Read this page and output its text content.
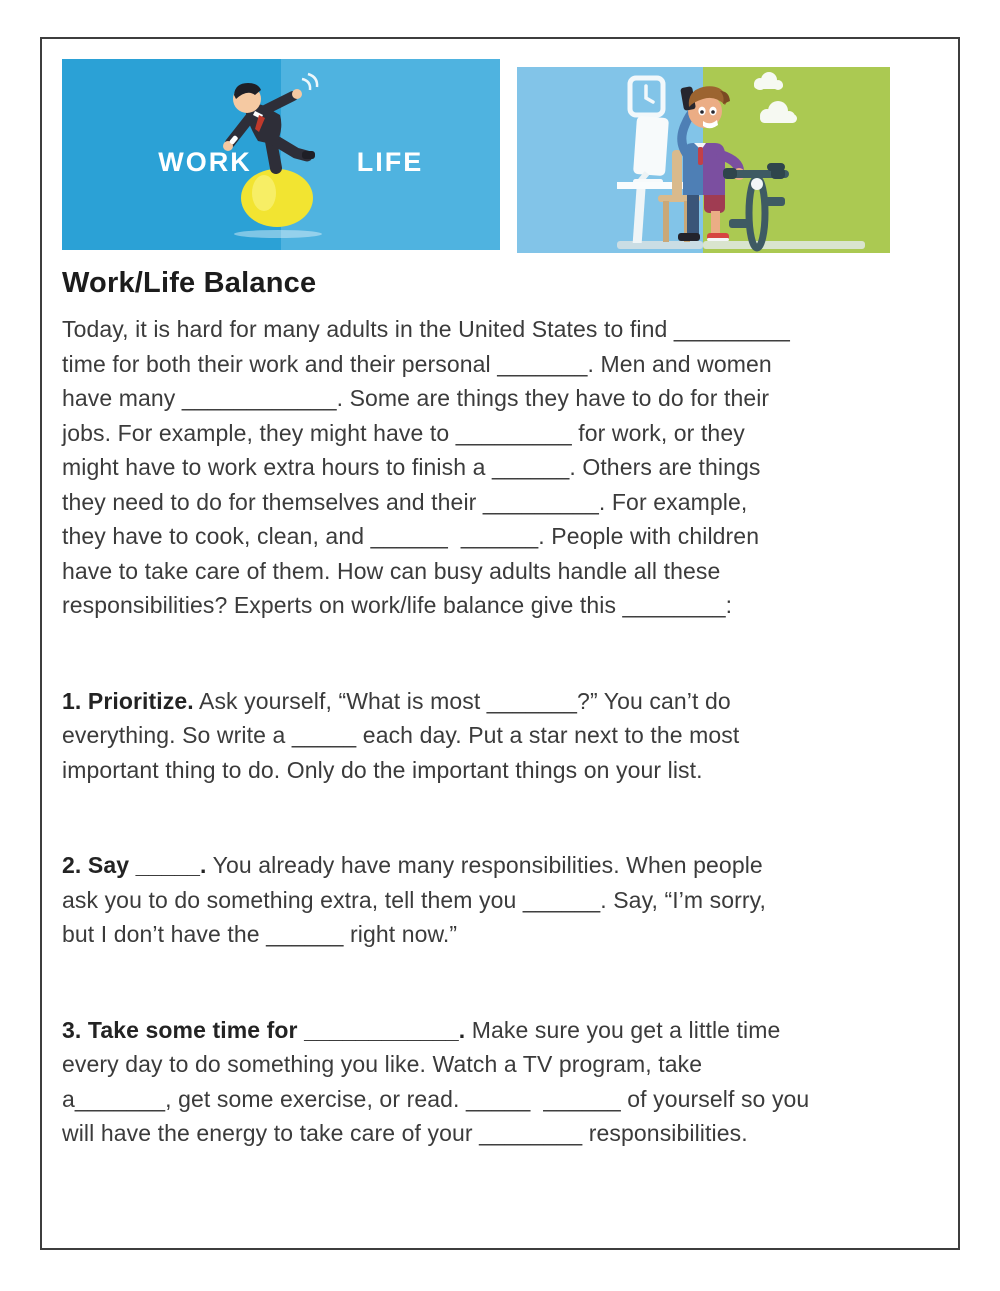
WORK	LIFE
Work/Life Balance
Today, it is hard for many adults in the United States to find _________
time for both their work and their personal _______. Men and women
have many ____________. Some are things they have to do for their
jobs. For example, they might have to _________ for work, or they
might have to work extra hours to finish a ______. Others are things
they need to do for themselves and their _________. For example,
they have to cook, clean, and ______  ______. People with children
have to take care of them. How can busy adults handle all these
responsibilities? Experts on work/life balance give this ________:
1. Prioritize. Ask yourself, “What is most _______?” You can’t do
everything. So write a _____ each day. Put a star next to the most
important thing to do. Only do the important things on your list.
2. Say _____. You already have many responsibilities. When people
ask you to do something extra, tell them you ______. Say, “I’m sorry,
but I don’t have the ______ right now.”
3. Take some time for ____________. Make sure you get a little time
every day to do something you like. Watch a TV program, take
a_______, get some exercise, or read. _____  ______ of yourself so you
will have the energy to take care of your ________ responsibilities.
